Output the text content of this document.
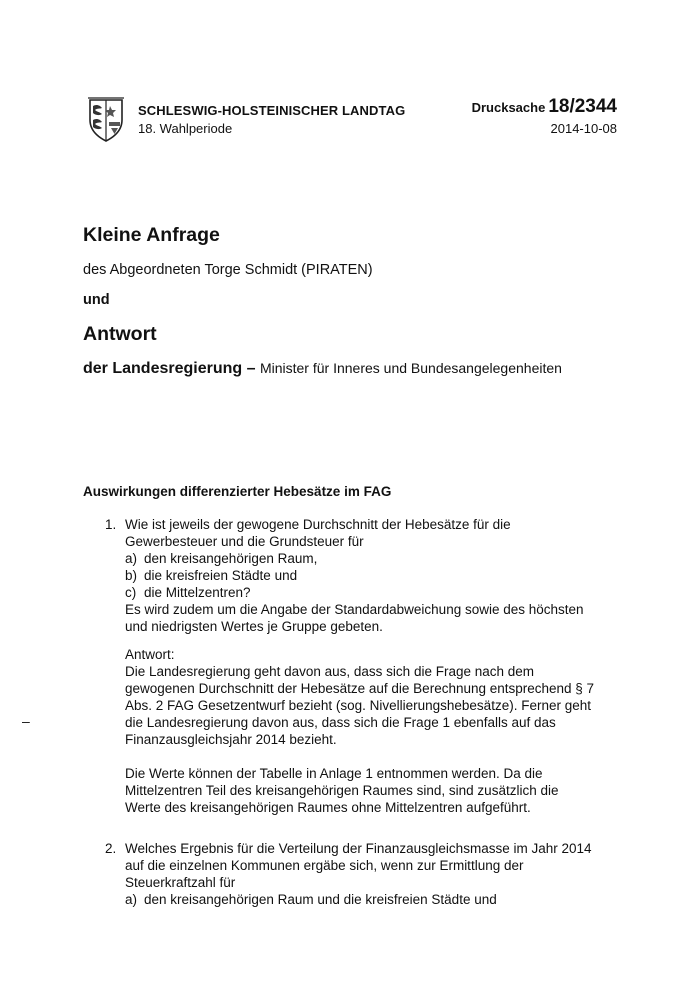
SCHLESWIG-HOLSTEINISCHER LANDTAG
18. Wahlperiode
Drucksache 18/2344
2014-10-08
Kleine Anfrage
des Abgeordneten Torge Schmidt (PIRATEN)
und
Antwort
der Landesregierung – Minister für Inneres und Bundesangelegenheiten
Auswirkungen differenzierter Hebesätze im FAG
1. Wie ist jeweils der gewogene Durchschnitt der Hebesätze für die
Gewerbesteuer und die Grundsteuer für
a) den kreisangehörigen Raum,
b) die kreisfreien Städte und
c) die Mittelzentren?
Es wird zudem um die Angabe der Standardabweichung sowie des höchsten
und niedrigsten Wertes je Gruppe gebeten.
Antwort:
Die Landesregierung geht davon aus, dass sich die Frage nach dem
gewogenen Durchschnitt der Hebesätze auf die Berechnung entsprechend § 7
Abs. 2 FAG Gesetzentwurf bezieht (sog. Nivellierungshebesätze). Ferner geht
die Landesregierung davon aus, dass sich die Frage 1 ebenfalls auf das
Finanzausgleichsjahr 2014 bezieht.
Die Werte können der Tabelle in Anlage 1 entnommen werden. Da die
Mittelzentren Teil des kreisangehörigen Raumes sind, sind zusätzlich die
Werte des kreisangehörigen Raumes ohne Mittelzentren aufgeführt.
–
2. Welches Ergebnis für die Verteilung der Finanzausgleichsmasse im Jahr 2014
auf die einzelnen Kommunen ergäbe sich, wenn zur Ermittlung der
Steuerkraftzahl für
a) den kreisangehörigen Raum und die kreisfreien Städte und
